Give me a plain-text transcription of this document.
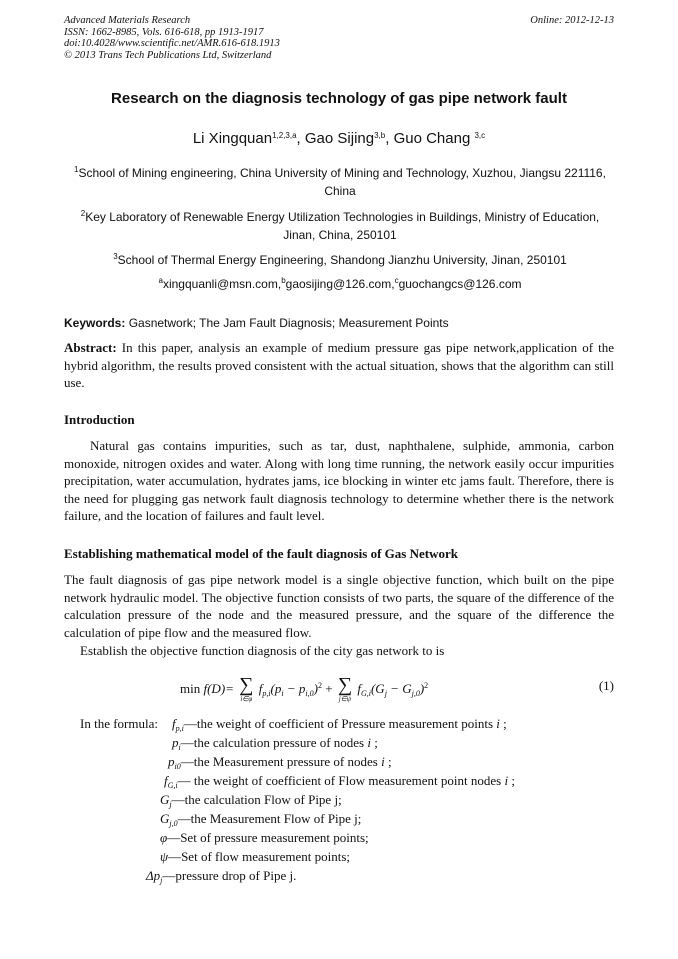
Advanced Materials Research
ISSN: 1662-8985, Vols. 616-618, pp 1913-1917
doi:10.4028/www.scientific.net/AMR.616-618.1913
© 2013 Trans Tech Publications Ltd, Switzerland
Online: 2012-12-13
Research on the diagnosis technology of gas pipe network fault
Li Xingquan$^{1,2,3,a}$, Gao Sijing$^{3,b}$, Guo Chang $^{3,c}$
$^1$School of Mining engineering, China University of Mining and Technology, Xuzhou, Jiangsu 221116, China
$^2$Key Laboratory of Renewable Energy Utilization Technologies in Buildings, Ministry of Education, Jinan, China, 250101
$^3$School of Thermal Energy Engineering, Shandong Jianzhu University, Jinan, 250101
$^a$xingquanli@msn.com,$^b$gaosijing@126.com,$^c$guochangcs@126.com
Keywords: Gasnetwork; The Jam Fault Diagnosis; Measurement Points
Abstract: In this paper, analysis an example of medium pressure gas pipe network,application of the hybrid algorithm, the results proved consistent with the actual situation, shows that the algorithm can still use.
Introduction
Natural gas contains impurities, such as tar, dust, naphthalene, sulphide, ammonia, carbon monoxide, nitrogen oxides and water. Along with long time running, the network easily occur impurities precipitation, water accumulation, hydrates jams, ice blocking in winter etc jams fault. Therefore, there is the need for plugging gas network fault diagnosis technology to determine whether there is the network failure, and the location of failures and fault level.
Establishing mathematical model of the fault diagnosis of Gas Network
The fault diagnosis of gas pipe network model is a single objective function, which built on the pipe network hydraulic model. The objective function consists of two parts, the square of the difference of the calculation pressure of the node and the measured pressure, and the square of the difference the calculation of pipe flow and the measured flow.
Establish the objective function diagnosis of the city gas network to is
min f(D)= ∑
i∈φ
$f_{p,i}(p_i - p_{i,0})^2$ + ∑
j∈ψ
$f_{G,i}(G_j - G_{j,0})^2$	(1)
In the formula: $f_{p,i}—the$ weight of coefficient of Pressure measurement points i ;
$p_i—the$ calculation pressure of nodes i ;
$p_{i0}—the$ Measurement pressure of nodes i ;
$f_{G,i}—$ the weight of coefficient of Flow measurement point nodes i ;
$G_j—the$ calculation Flow of Pipe j;
$G_{j,0}—the$ Measurement Flow of Pipe j;
φ—Set of pressure measurement points;
ψ—Set of flow measurement points;
$\Delta p_j—pressure$ drop of Pipe j.
